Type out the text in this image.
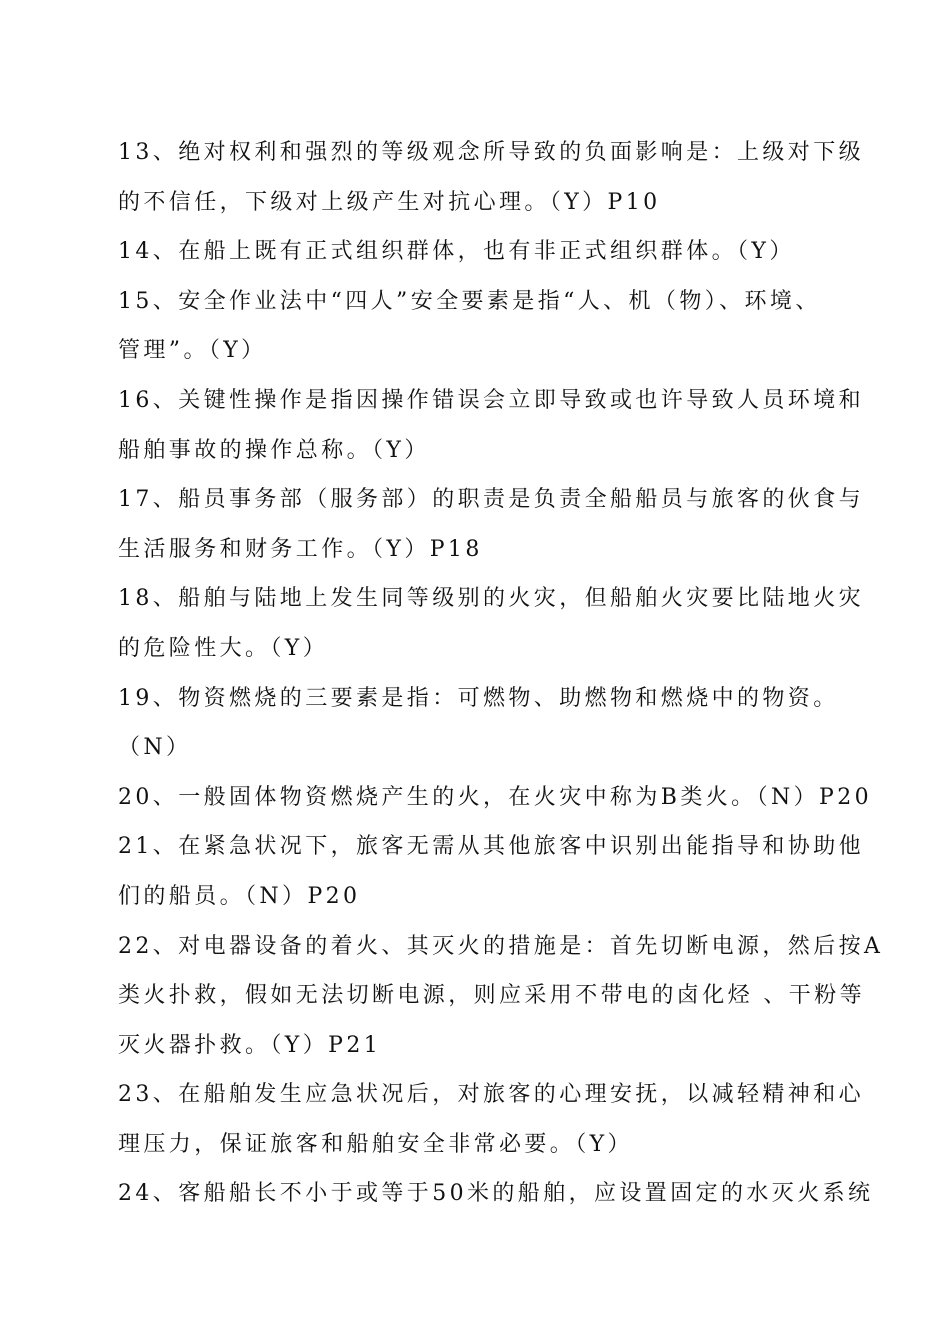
13、绝对权利和强烈的等级观念所导致的负面影响是：上级对下级
的不信任，下级对上级产生对抗心理。（Y）P10
14、在船上既有正式组织群体，也有非正式组织群体。（Y）
15、安全作业法中“四人”安全要素是指“人、机（物）、环境、
管理”。（Y）
16、关键性操作是指因操作错误会立即导致或也许导致人员环境和
船舶事故的操作总称。（Y）
17、船员事务部（服务部）的职责是负责全船船员与旅客的伙食与
生活服务和财务工作。（Y）P18
18、船舶与陆地上发生同等级别的火灾，但船舶火灾要比陆地火灾
的危险性大。（Y）
19、物资燃烧的三要素是指：可燃物、助燃物和燃烧中的物资。
（N）
20、一般固体物资燃烧产生的火，在火灾中称为B类火。（N）P20
21、在紧急状况下，旅客无需从其他旅客中识别出能指导和协助他
们的船员。（N）P20
22、对电器设备的着火、其灭火的措施是：首先切断电源，然后按A
类火扑救，假如无法切断电源，则应采用不带电的卤化烃 、干粉等
灭火器扑救。（Y）P21
23、在船舶发生应急状况后，对旅客的心理安抚，以减轻精神和心
理压力，保证旅客和船舶安全非常必要。（Y）
24、客船船长不小于或等于50米的船舶，应设置固定的水灭火系统
